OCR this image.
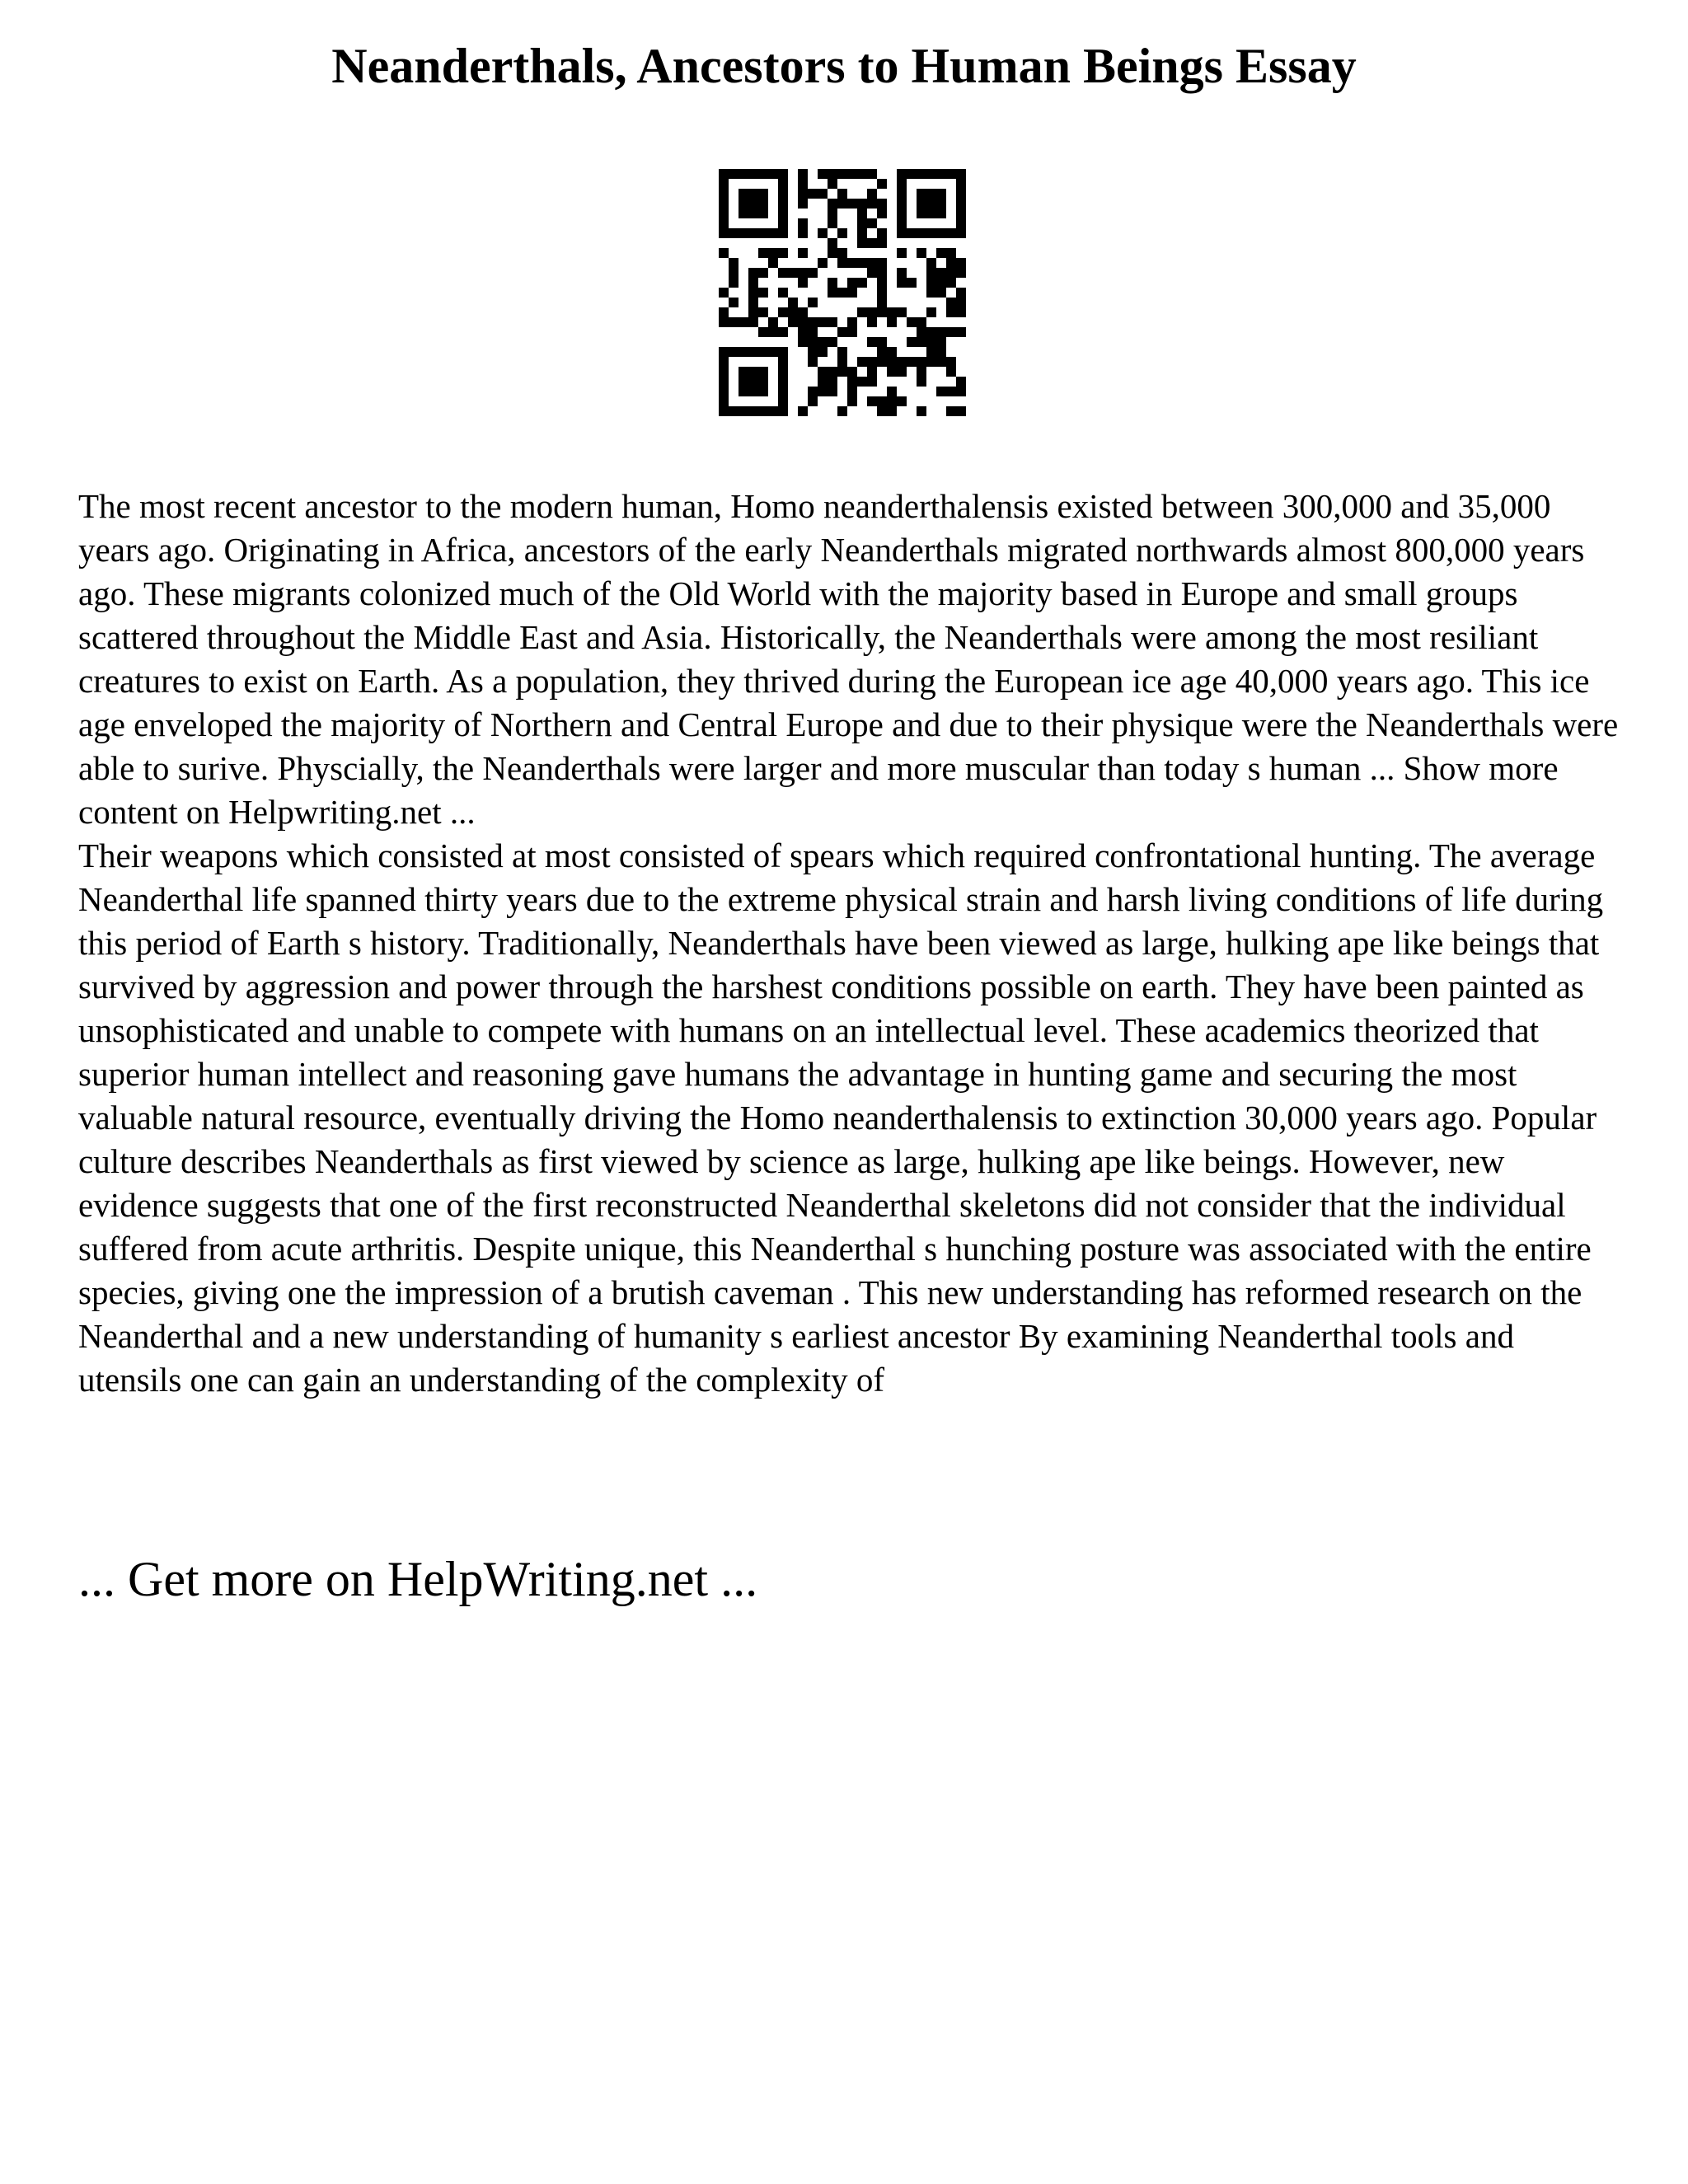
Neanderthals, Ancestors to Human Beings Essay

The most recent ancestor to the modern human, Homo neanderthalensis existed between 300,000 and 35,000 years ago. Originating in Africa, ancestors of the early Neanderthals migrated northwards almost 800,000 years ago. These migrants colonized much of the Old World with the majority based in Europe and small groups scattered throughout the Middle East and Asia. Historically, the Neanderthals were among the most resiliant creatures to exist on Earth. As a population, they thrived during the European ice age 40,000 years ago. This ice age enveloped the majority of Northern and Central Europe and due to their physique were the Neanderthals were able to surive. Physcially, the Neanderthals were larger and more muscular than today s human ... Show more content on Helpwriting.net ...

Their weapons which consisted at most consisted of spears which required confrontational hunting. The average Neanderthal life spanned thirty years due to the extreme physical strain and harsh living conditions of life during this period of Earth s history. Traditionally, Neanderthals have been viewed as large, hulking ape like beings that survived by aggression and power through the harshest conditions possible on earth. They have been painted as unsophisticated and unable to compete with humans on an intellectual level. These academics theorized that superior human intellect and reasoning gave humans the advantage in hunting game and securing the most valuable natural resource, eventually driving the Homo neanderthalensis to extinction 30,000 years ago. Popular culture describes Neanderthals as first viewed by science as large, hulking ape like beings. However, new evidence suggests that one of the first reconstructed Neanderthal skeletons did not consider that the individual suffered from acute arthritis. Despite unique, this Neanderthal s hunching posture was associated with the entire species, giving one the impression of a brutish caveman . This new understanding has reformed research on the Neanderthal and a new understanding of humanity s earliest ancestor By examining Neanderthal tools and utensils one can gain an understanding of the complexity of

... Get more on HelpWriting.net ...
